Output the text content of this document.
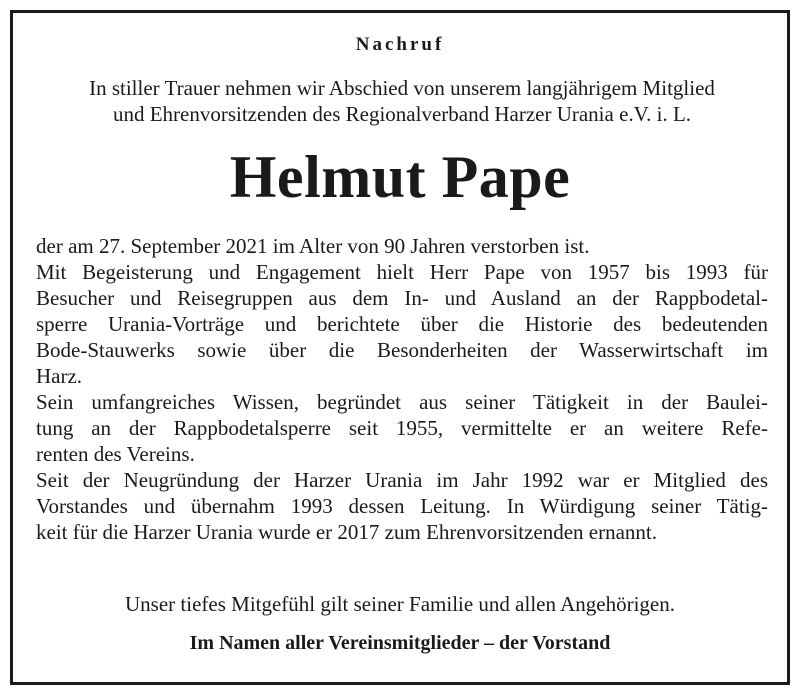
Nachruf
In stiller Trauer nehmen wir Abschied von unserem langjährigem Mitglied
und Ehrenvorsitzenden des Regionalverband Harzer Urania e.V. i. L.
Helmut Pape
der am 27. September 2021 im Alter von 90 Jahren verstorben ist.
Mit Begeisterung und Engagement hielt Herr Pape von 1957 bis 1993 für
Besucher und Reisegruppen aus dem In- und Ausland an der Rappbodetal-
sperre Urania-Vorträge und berichtete über die Historie des bedeutenden
Bode-Stauwerks sowie über die Besonderheiten der Wasserwirtschaft im
Harz.
Sein umfangreiches Wissen, begründet aus seiner Tätigkeit in der Baulei-
tung an der Rappbodetalsperre seit 1955, vermittelte er an weitere Refe-
renten des Vereins.
Seit der Neugründung der Harzer Urania im Jahr 1992 war er Mitglied des
Vorstandes und übernahm 1993 dessen Leitung. In Würdigung seiner Tätig-
keit für die Harzer Urania wurde er 2017 zum Ehrenvorsitzenden ernannt.
Unser tiefes Mitgefühl gilt seiner Familie und allen Angehörigen.
Im Namen aller Vereinsmitglieder – der Vorstand
